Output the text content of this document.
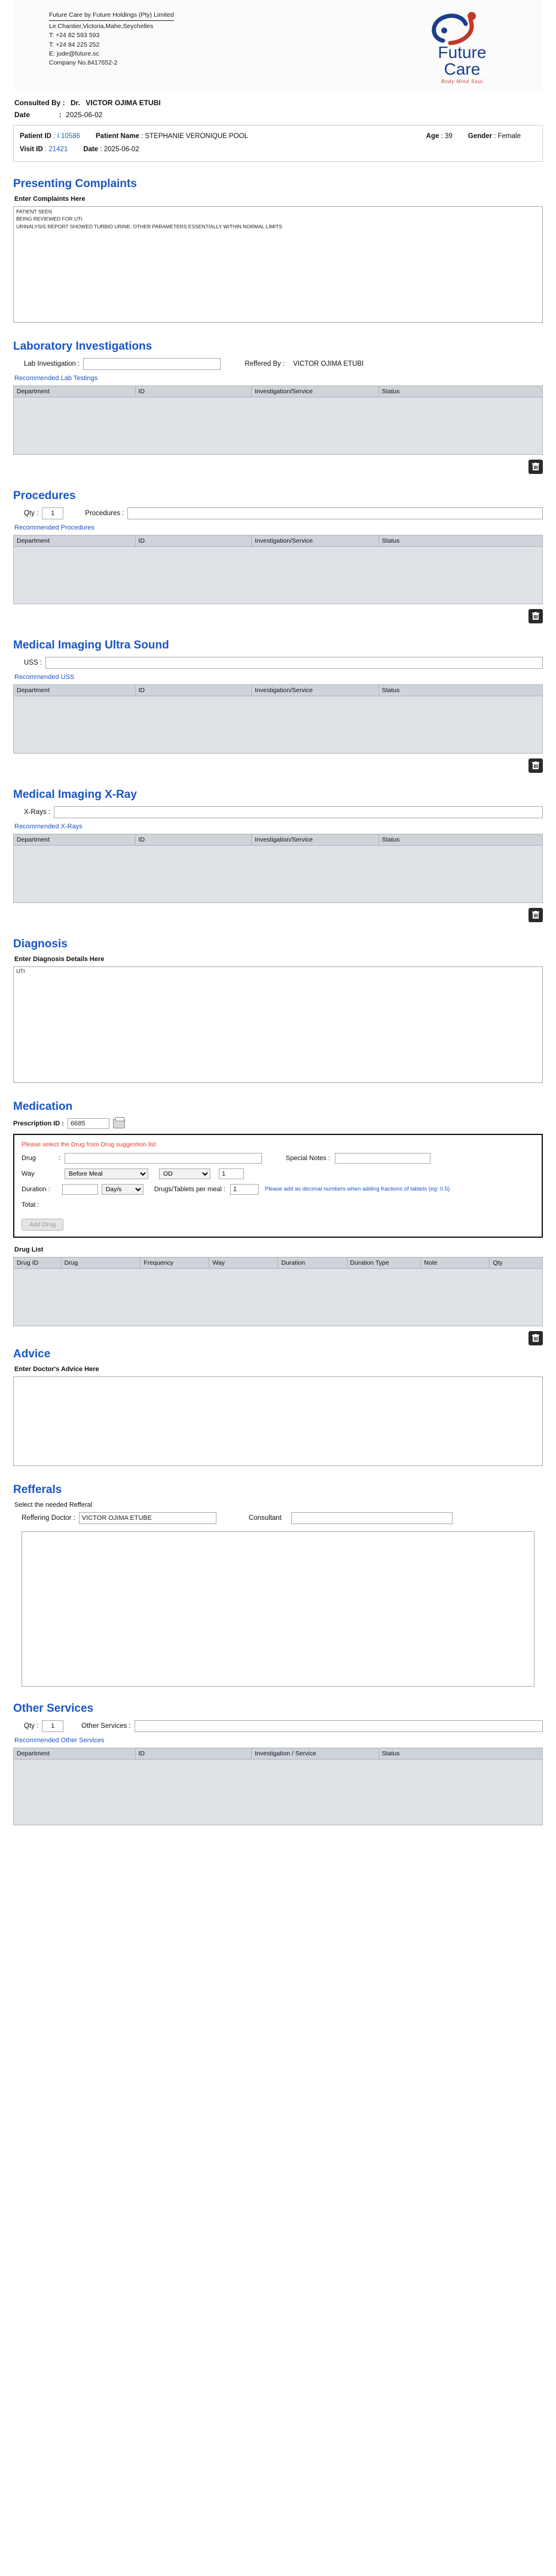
Future Care by Future Holdings (Pty) Limited
Le Chantier,Victoria,Mahe,Seychelles
T: +24 82 593 593
T: +24 84 225 252
E: jude@future.sc
Company No.8417652-2
Future
Care
Body Mind Soul
Consulted By : Dr. VICTOR OJIMA ETUBI
Date	: 2025-06-02
Patient ID : I 10586 Patient Name : STEPHANIE VERONIQUE POOL	Age : 39 Gender : Female
Visit ID : 21421 Date : 2025-06-02
Presenting Complaints
Enter Complaints Here
PATIENT SEEN BEING REVIEWED FOR UTI URINALYSIS REPORT SHOWED TURBID URINE. OTHER PARAMETERS ESSENTIALLY WITHIN NORMAL LIMITS
Laboratory Investigations
Lab Investigation :	Reffered By : VICTOR OJIMA ETUBI
Recommended Lab Testings
Department	ID	Investigation/Service	Status
Procedures
Qty :
1	Procedures :
Recommended Procedures
Department	ID	Investigation/Service	Status
Medical Imaging Ultra Sound
USS :
Recommended USS
Department	ID	Investigation/Service	Status
Medical Imaging X-Ray
X-Rays :
Recommended X-Rays
Department	ID	Investigation/Service	Status
Diagnosis
Enter Diagnosis Details Here
UTI
Medication
Prescription ID :
6685
Please select the Drug from Drug suggestion list
Drug	:	Special Notes :
Way
Before Meal
OD
1
Duration :
Day/s	Drugs/Tablets per meal :
1	Please add as decimal numbers when adding fractions of tablets (eg: 0.5)
Total :
Add Drug
Drug List
Drug ID	Drug	Frequency	Way	Duration	Duration Type	Note	Qty
Advice
Enter Doctor's Advice Here
Refferals
Select the needed Refferal
Reffering Doctor :
VICTOR OJIMA ETUBE	Consultant
Other Services
Qty :
1	Other Services :
Recommended Other Services
Department	ID	Investigation / Service	Status
